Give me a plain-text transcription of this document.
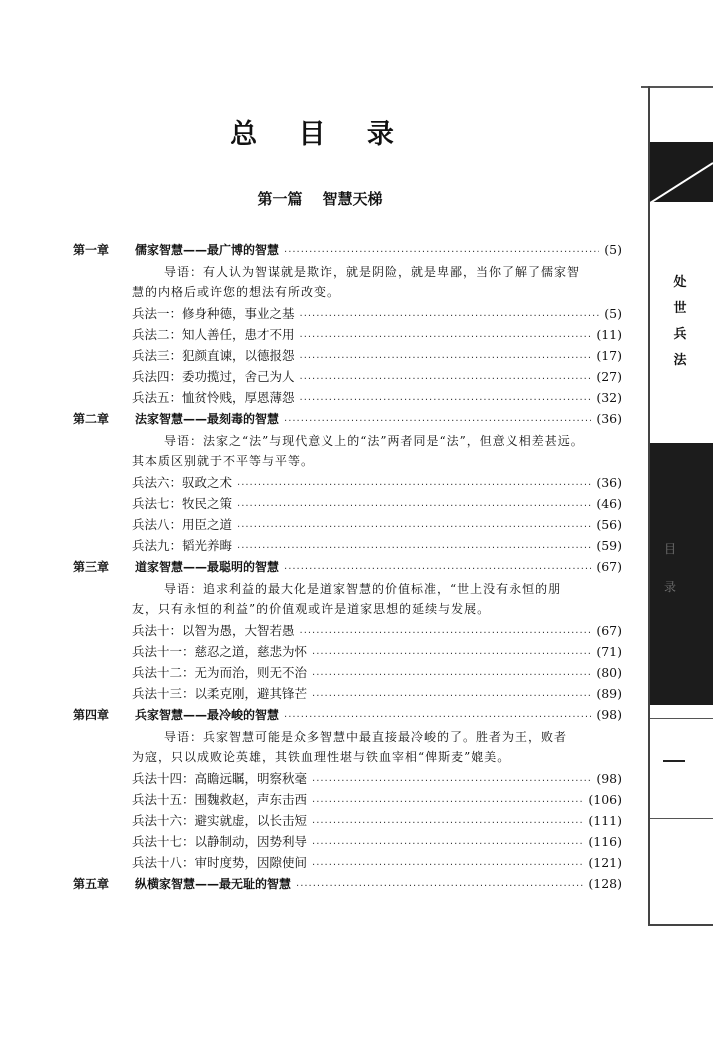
总 目 录
第一篇 智慧天梯
第一章	儒家智慧——最广博的智慧 ·····	(5)
导语：有人认为智谋就是欺诈，就是阴险，就是卑鄙，当你了解了儒家智
慧的内格后或许您的想法有所改变。
兵法一：修身种德，事业之基 ·····	(5)
兵法二：知人善任，患才不用 ·····	(11)
兵法三：犯颜直谏，以德报怨 ·····	(17)
兵法四：委功揽过，舍己为人 ·····	(27)
兵法五：恤贫怜贱，厚恩薄怨 ·····	(32)
第二章	法家智慧——最刻毒的智慧 ·····	(36)
导语：法家之“法”与现代意义上的“法”两者同是“法”，但意义相差甚远。
其本质区别就于不平等与平等。
兵法六：驭政之术 ·····	(36)
兵法七：牧民之策 ·····	(46)
兵法八：用臣之道 ·····	(56)
兵法九：韬光养晦 ·····	(59)
第三章	道家智慧——最聪明的智慧 ·····	(67)
导语：追求利益的最大化是道家智慧的价值标准，“世上没有永恒的朋
友，只有永恒的利益”的价值观或许是道家思想的延续与发展。
兵法十：以智为愚，大智若愚 ·····	(67)
兵法十一：慈忍之道，慈悲为怀 ·····	(71)
兵法十二：无为而治，则无不治 ·····	(80)
兵法十三：以柔克刚，避其锋芒 ·····	(89)
第四章	兵家智慧——最冷峻的智慧 ·····	(98)
导语：兵家智慧可能是众多智慧中最直接最冷峻的了。胜者为王，败者
为寇，只以成败论英雄，其铁血理性堪与铁血宰相“俾斯麦”媲美。
兵法十四：高瞻远瞩，明察秋毫 ·····	(98)
兵法十五：围魏救赵，声东击西 ·····	(106)
兵法十六：避实就虚，以长击短 ·····	(111)
兵法十七：以静制动，因势利导 ·····	(116)
兵法十八：审时度势，因隙使间 ·····	(121)
第五章	纵横家智慧——最无耻的智慧 ·····	(128)
处
世
兵
法
目
录
